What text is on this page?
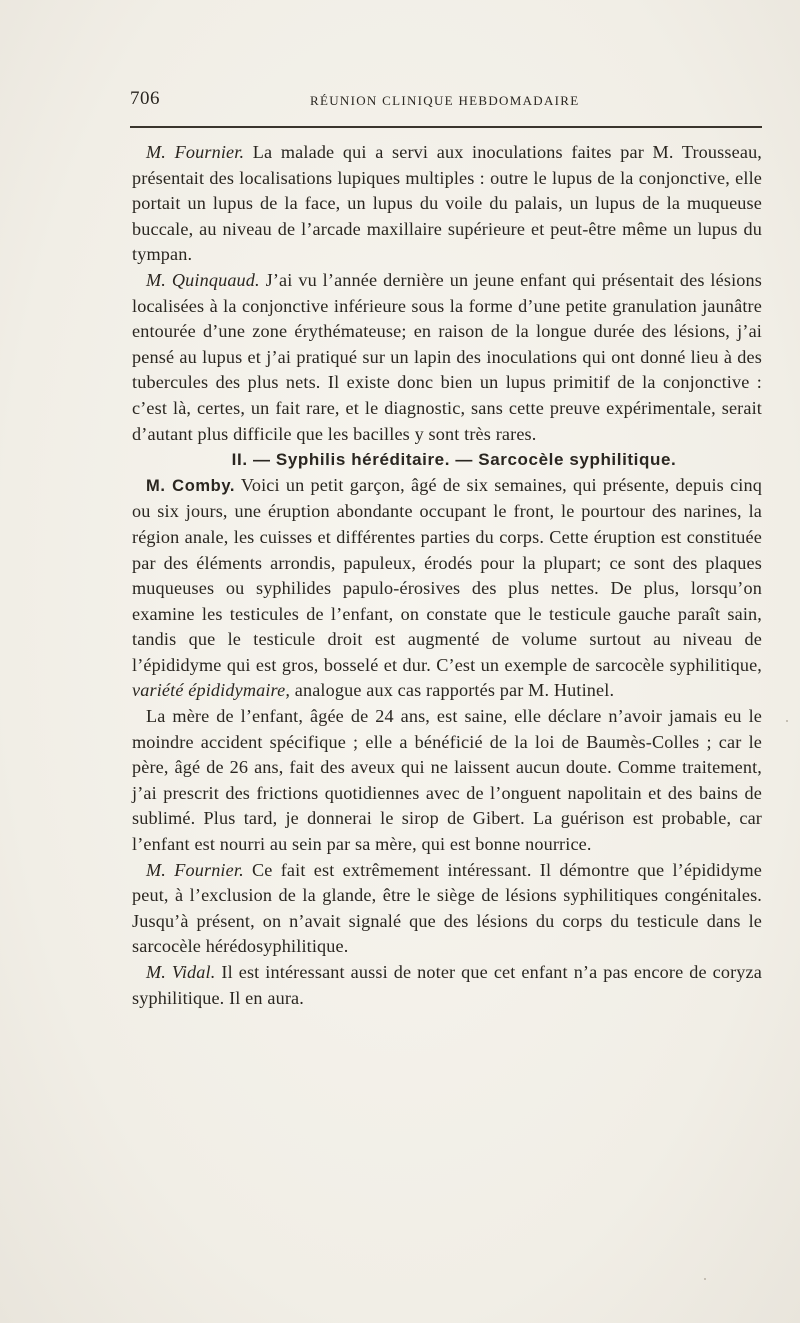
706	RÉUNION CLINIQUE HEBDOMADAIRE

M. Fournier. La malade qui a servi aux inoculations faites par M. Trousseau, présentait des localisations lupiques multiples : outre le lupus de la conjonctive, elle portait un lupus de la face, un lupus du voile du palais, un lupus de la muqueuse buccale, au niveau de l’arcade maxillaire supérieure et peut-être même un lupus du tympan.

M. Quinquaud. J’ai vu l’année dernière un jeune enfant qui présentait des lésions localisées à la conjonctive inférieure sous la forme d’une petite granulation jaunâtre entourée d’une zone érythémateuse; en raison de la longue durée des lésions, j’ai pensé au lupus et j’ai pratiqué sur un lapin des inoculations qui ont donné lieu à des tubercules des plus nets. Il existe donc bien un lupus primitif de la conjonctive : c’est là, certes, un fait rare, et le diagnostic, sans cette preuve expérimentale, serait d’autant plus difficile que les bacilles y sont très rares.

II. — Syphilis héréditaire. — Sarcocèle syphilitique.

M. Comby. Voici un petit garçon, âgé de six semaines, qui présente, depuis cinq ou six jours, une éruption abondante occupant le front, le pourtour des narines, la région anale, les cuisses et différentes parties du corps. Cette éruption est constituée par des éléments arrondis, papuleux, érodés pour la plupart; ce sont des plaques muqueuses ou syphilides papulo-érosives des plus nettes. De plus, lorsqu’on examine les testicules de l’enfant, on constate que le testicule gauche paraît sain, tandis que le testicule droit est augmenté de volume surtout au niveau de l’épididyme qui est gros, bosselé et dur. C’est un exemple de sarcocèle syphilitique, variété épididymaire, analogue aux cas rapportés par M. Hutinel.

La mère de l’enfant, âgée de 24 ans, est saine, elle déclare n’avoir jamais eu le moindre accident spécifique ; elle a bénéficié de la loi de Baumès-Colles ; car le père, âgé de 26 ans, fait des aveux qui ne laissent aucun doute. Comme traitement, j’ai prescrit des frictions quotidiennes avec de l’onguent napolitain et des bains de sublimé. Plus tard, je donnerai le sirop de Gibert. La guérison est probable, car l’enfant est nourri au sein par sa mère, qui est bonne nourrice.

M. Fournier. Ce fait est extrêmement intéressant. Il démontre que l’épididyme peut, à l’exclusion de la glande, être le siège de lésions syphilitiques congénitales. Jusqu’à présent, on n’avait signalé que des lésions du corps du testicule dans le sarcocèle hérédosyphilitique.

M. Vidal. Il est intéressant aussi de noter que cet enfant n’a pas encore de coryza syphilitique. Il en aura.
